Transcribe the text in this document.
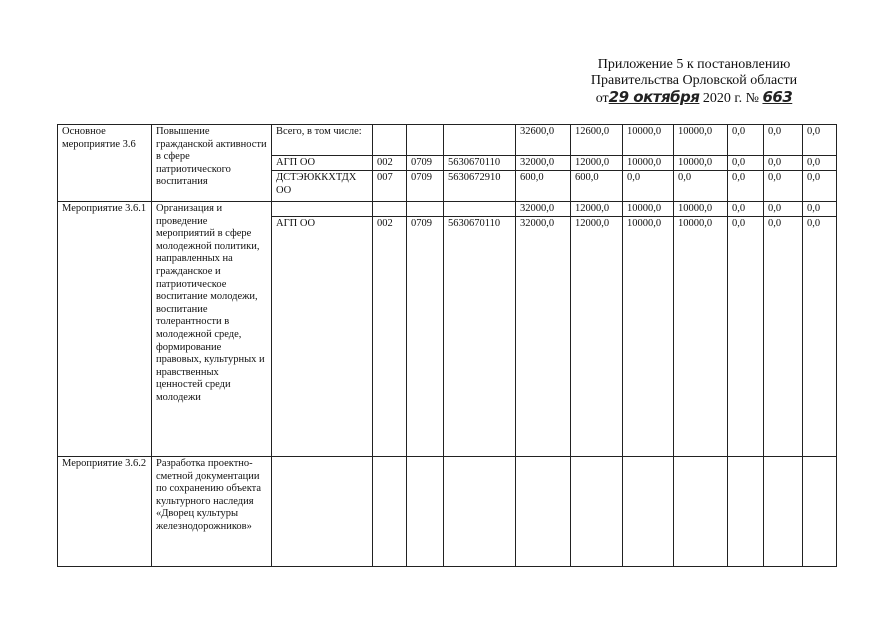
Приложение 5 к постановлению
Правительства Орловской области
от29 октября 2020 г. № 663
Основное мероприятие 3.6	Повышение гражданской активности в сфере патриотического воспитания	Всего, в том числе:				32600,0	12600,0	10000,0	10000,0	0,0	0,0	0,0
		АГП ОО	002	0709	5630670110	32000,0	12000,0	10000,0	10000,0	0,0	0,0	0,0
		ДСТЭЮККХТДХ ОО	007	0709	5630672910	600,0	600,0	0,0	0,0	0,0	0,0	0,0
Мероприятие 3.6.1	Организация и проведение мероприятий в сфере молодежной политики, направленных на гражданское и патриотическое воспитание молодежи, воспитание толерантности в молодежной среде, формирование правовых, культурных и нравственных ценностей среди молодежи					32000,0	12000,0	10000,0	10000,0	0,0	0,0	0,0
		АГП ОО	002	0709	5630670110	32000,0	12000,0	10000,0	10000,0	0,0	0,0	0,0
Мероприятие 3.6.2	Разработка проектно-сметной документации по сохранению объекта культурного наследия «Дворец культуры железнодорожников»											
